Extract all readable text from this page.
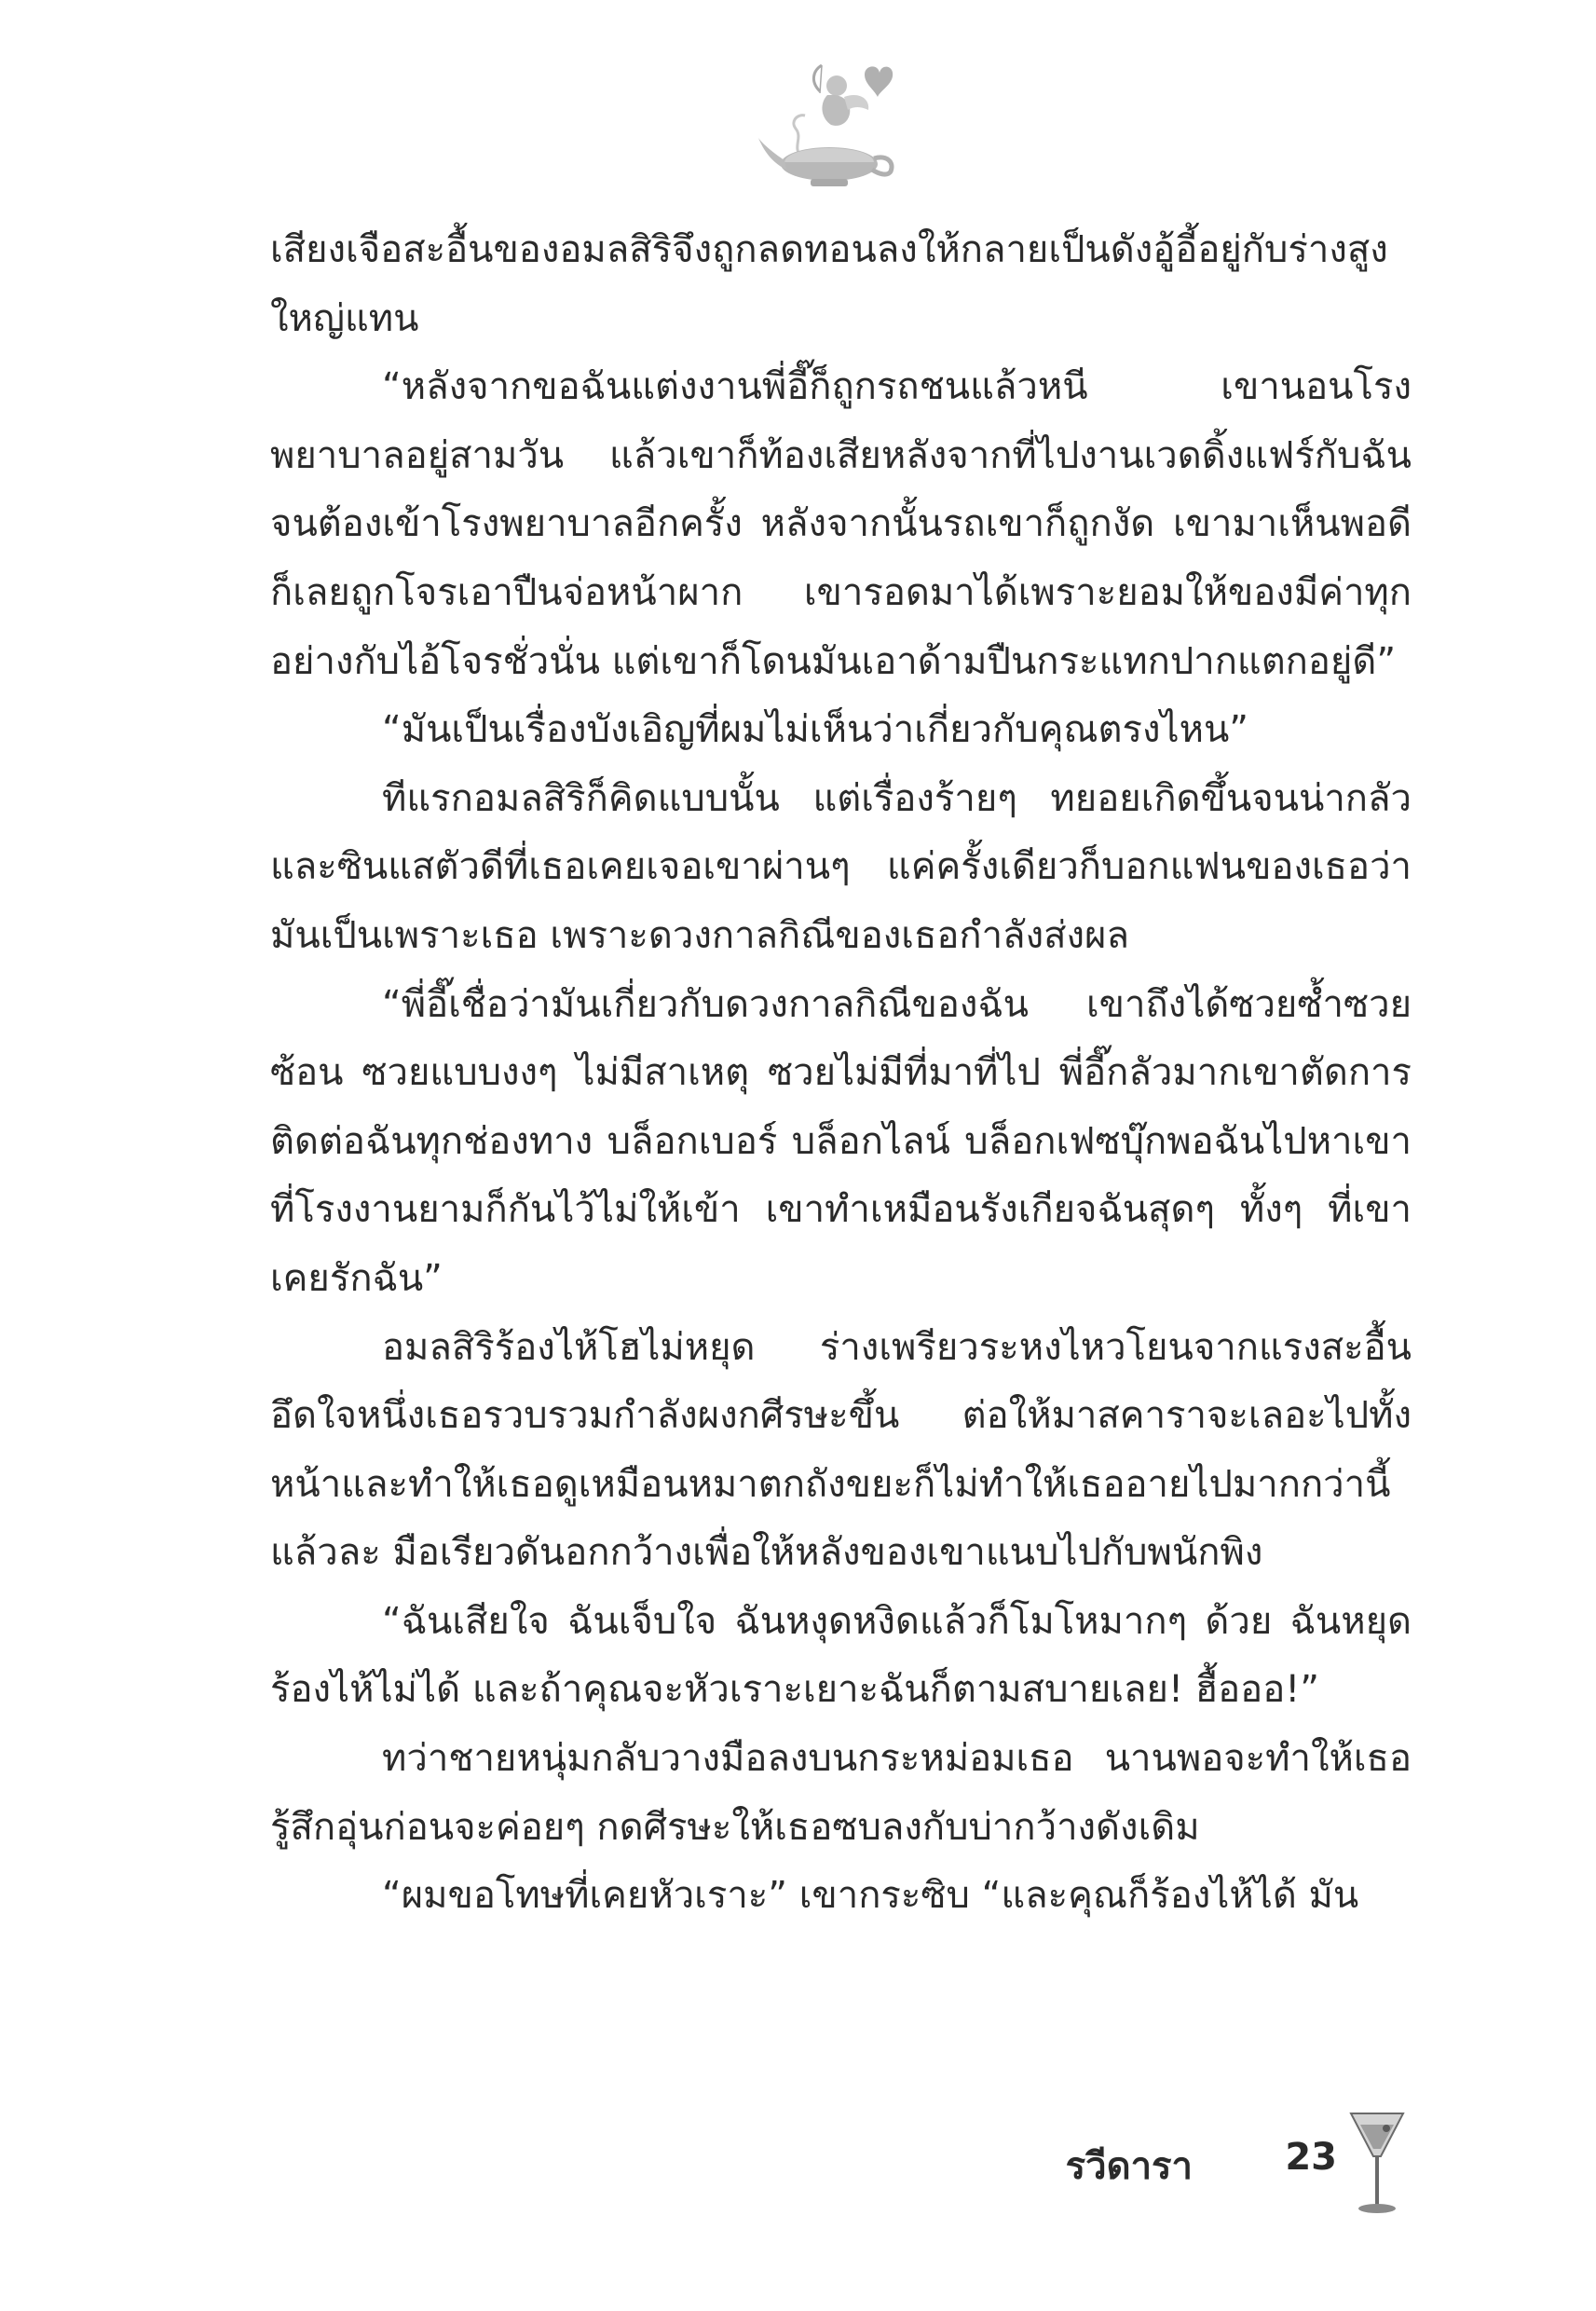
เสียงเจือสะอื้นของอมลสิริจึงถูกลดทอนลงให้กลายเป็นดังอู้อี้อยู่กับร่างสูงใหญ่แทน

“หลังจากขอฉันแต่งงานพี่อี๊ก็ถูกรถชนแล้วหนี เขานอนโรงพยาบาลอยู่สามวัน แล้วเขาก็ท้องเสียหลังจากที่ไปงานเวดดิ้งแฟร์กับฉันจนต้องเข้าโรงพยาบาลอีกครั้ง หลังจากนั้นรถเขาก็ถูกงัด เขามาเห็นพอดีก็เลยถูกโจรเอาปืนจ่อหน้าผาก เขารอดมาได้เพราะยอมให้ของมีค่าทุกอย่างกับไอ้โจรชั่วนั่น แต่เขาก็โดนมันเอาด้ามปืนกระแทกปากแตกอยู่ดี”

“มันเป็นเรื่องบังเอิญที่ผมไม่เห็นว่าเกี่ยวกับคุณตรงไหน”

ทีแรกอมลสิริก็คิดแบบนั้น แต่เรื่องร้ายๆ ทยอยเกิดขึ้นจนน่ากลัวและซินแสตัวดีที่เธอเคยเจอเขาผ่านๆ แค่ครั้งเดียวก็บอกแฟนของเธอว่ามันเป็นเพราะเธอ เพราะดวงกาลกิณีของเธอกำลังส่งผล

“พี่อี๊เชื่อว่ามันเกี่ยวกับดวงกาลกิณีของฉัน เขาถึงได้ซวยซ้ำซวยซ้อน ซวยแบบงงๆ ไม่มีสาเหตุ ซวยไม่มีที่มาที่ไป พี่อี๊กลัวมากเขาตัดการติดต่อฉันทุกช่องทาง บล็อกเบอร์ บล็อกไลน์ บล็อกเฟซบุ๊กพอฉันไปหาเขาที่โรงงานยามก็กันไว้ไม่ให้เข้า เขาทำเหมือนรังเกียจฉันสุดๆ ทั้งๆ ที่เขาเคยรักฉัน”

อมลสิริร้องไห้โฮไม่หยุด ร่างเพรียวระหงไหวโยนจากแรงสะอื้นอึดใจหนึ่งเธอรวบรวมกำลังผงกศีรษะขึ้น ต่อให้มาสคาราจะเลอะไปทั้งหน้าและทำให้เธอดูเหมือนหมาตกถังขยะก็ไม่ทำให้เธออายไปมากกว่านี้แล้วละ มือเรียวดันอกกว้างเพื่อให้หลังของเขาแนบไปกับพนักพิง

“ฉันเสียใจ ฉันเจ็บใจ ฉันหงุดหงิดแล้วก็โมโหมากๆ ด้วย ฉันหยุดร้องไห้ไม่ได้ และถ้าคุณจะหัวเราะเยาะฉันก็ตามสบายเลย! ฮื้อออ!”

ทว่าชายหนุ่มกลับวางมือลงบนกระหม่อมเธอ นานพอจะทำให้เธอรู้สึกอุ่นก่อนจะค่อยๆ กดศีรษะให้เธอซบลงกับบ่ากว้างดังเดิม

“ผมขอโทษที่เคยหัวเราะ” เขากระซิบ “และคุณก็ร้องไห้ได้ มัน

รวีดารา 23
